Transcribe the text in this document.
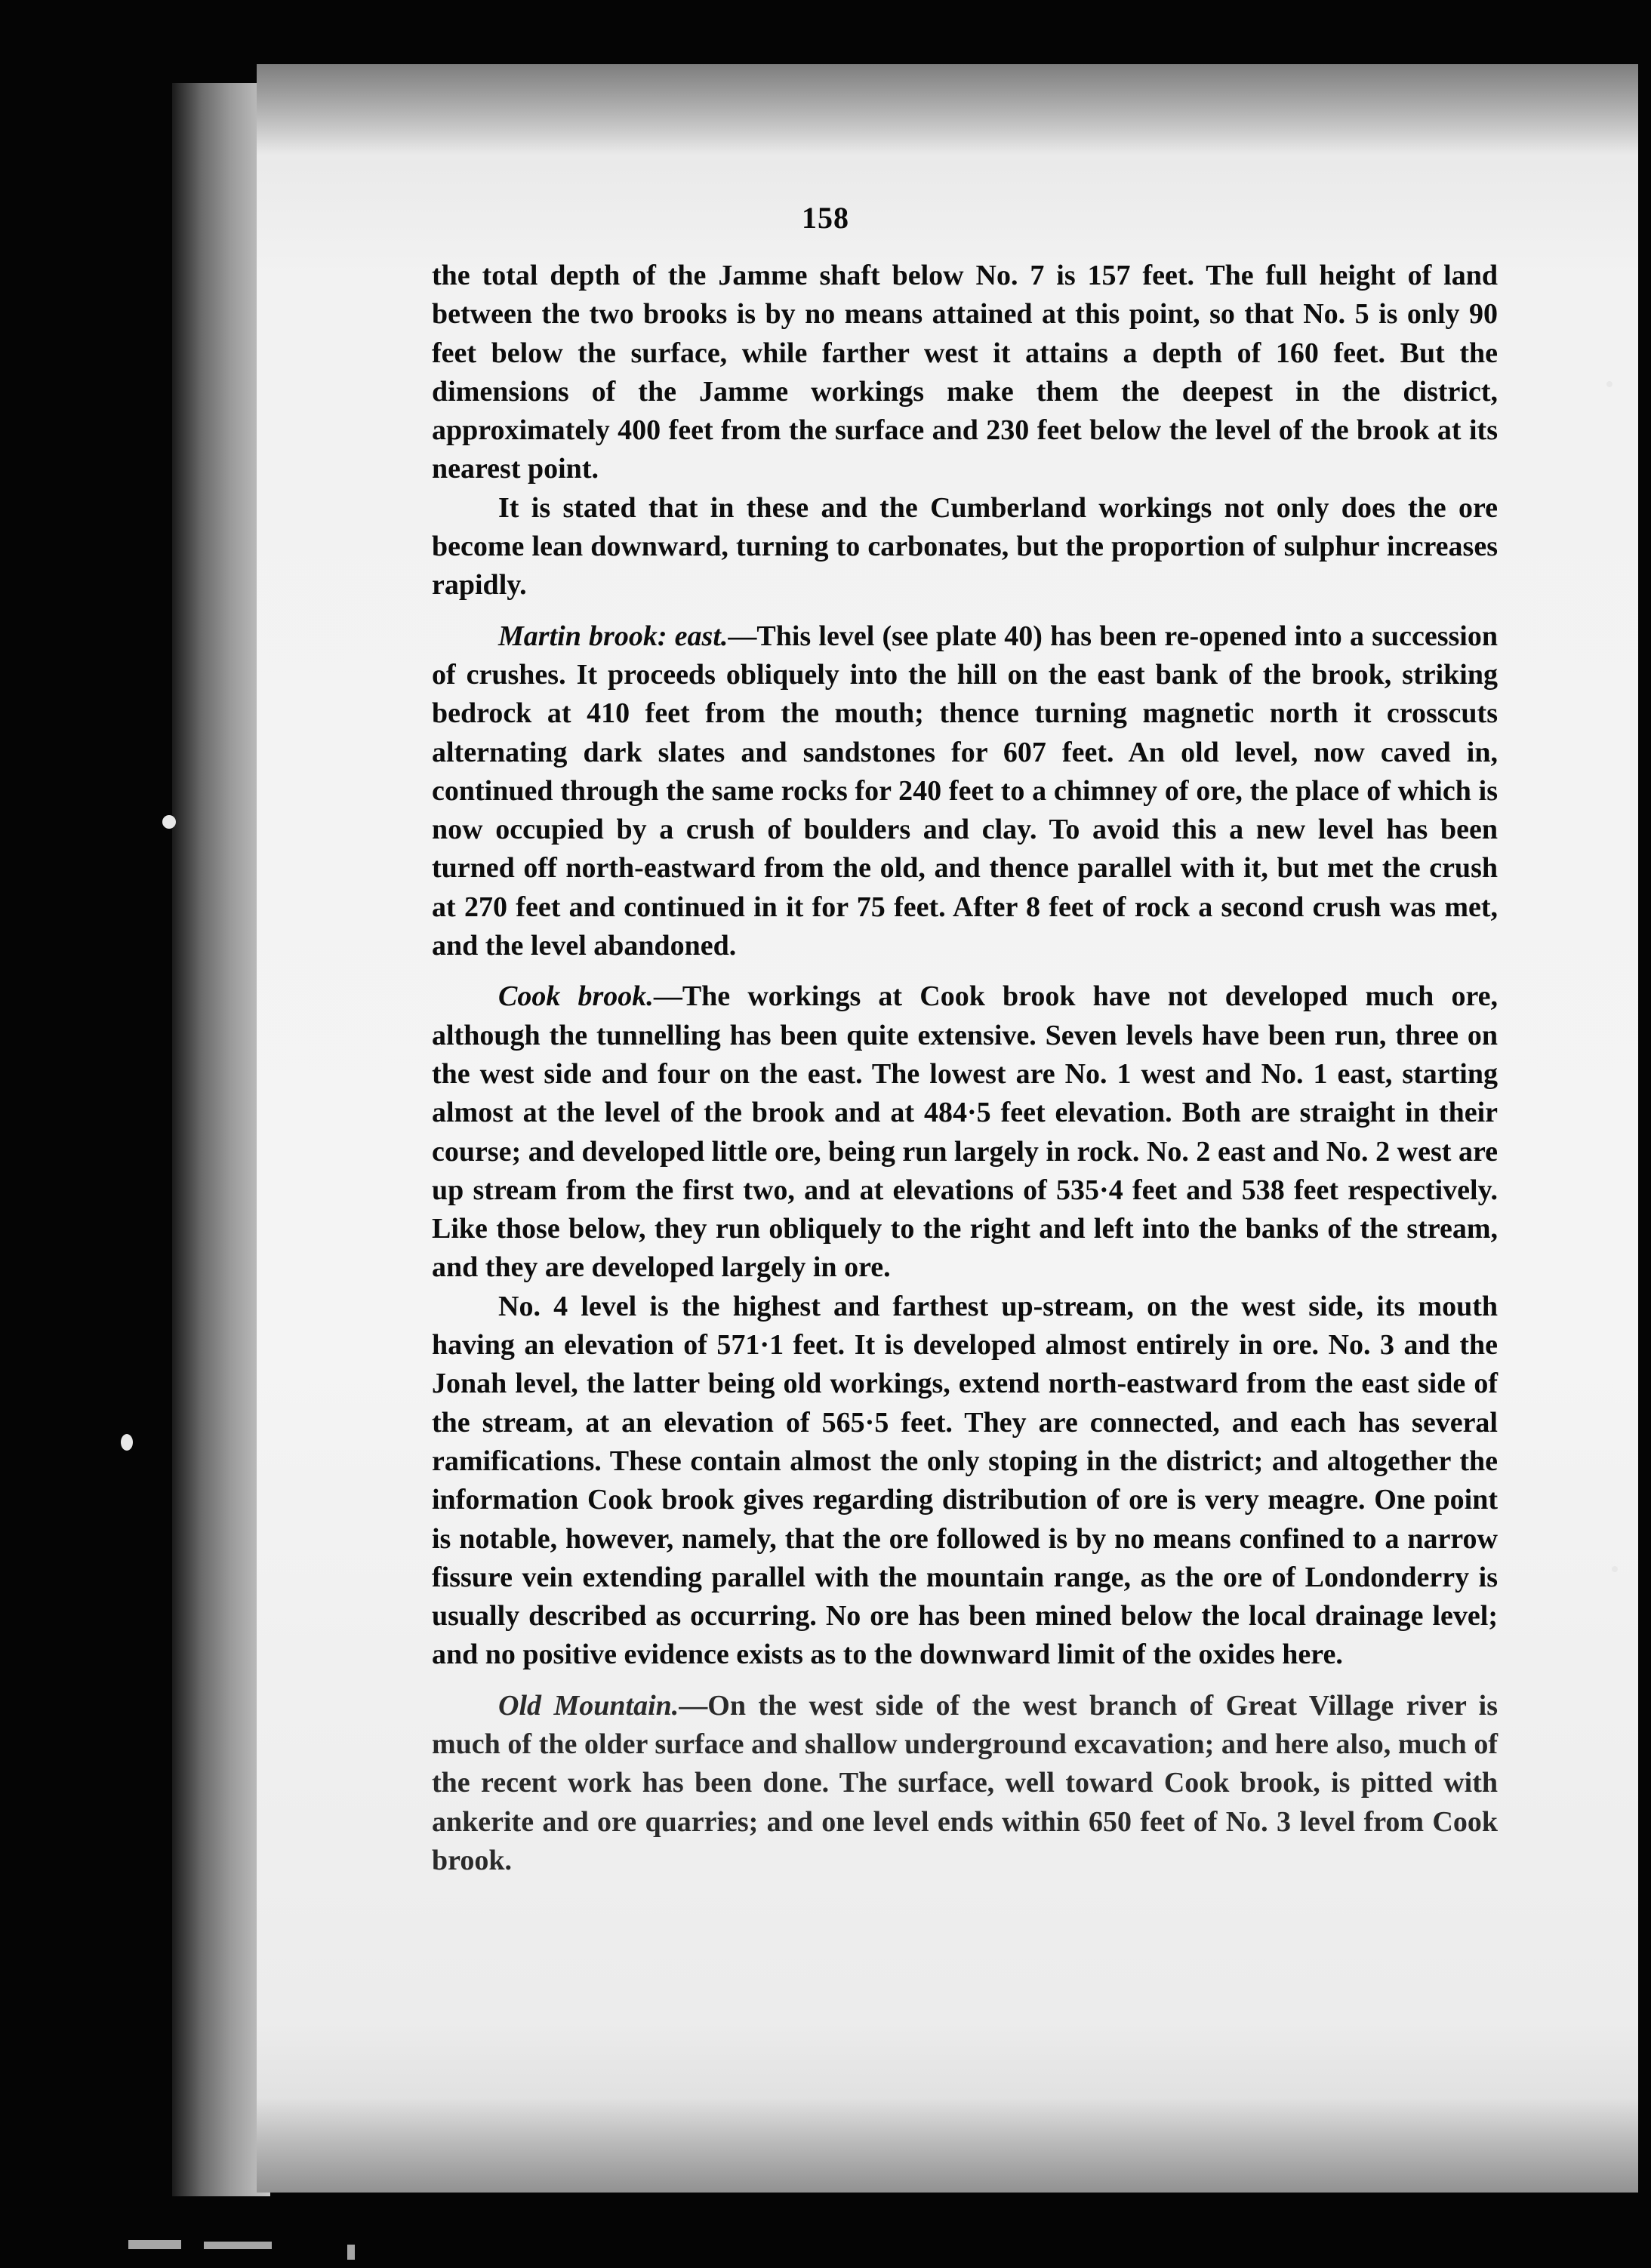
158

the total depth of the Jamme shaft below No. 7 is 157 feet. The full height of land between the two brooks is by no means attained at this point, so that No. 5 is only 90 feet below the surface, while farther west it attains a depth of 160 feet. But the dimensions of the Jamme workings make them the deepest in the district, approximately 400 feet from the surface and 230 feet below the level of the brook at its nearest point.

It is stated that in these and the Cumberland workings not only does the ore become lean downward, turning to carbonates, but the proportion of sulphur increases rapidly.

Martin brook: east.—This level (see plate 40) has been re-opened into a succession of crushes. It proceeds obliquely into the hill on the east bank of the brook, striking bedrock at 410 feet from the mouth; thence turning magnetic north it crosscuts alternating dark slates and sandstones for 607 feet. An old level, now caved in, continued through the same rocks for 240 feet to a chimney of ore, the place of which is now occupied by a crush of boulders and clay. To avoid this a new level has been turned off north-eastward from the old, and thence parallel with it, but met the crush at 270 feet and continued in it for 75 feet. After 8 feet of rock a second crush was met, and the level abandoned.

Cook brook.—The workings at Cook brook have not developed much ore, although the tunnelling has been quite extensive. Seven levels have been run, three on the west side and four on the east. The lowest are No. 1 west and No. 1 east, starting almost at the level of the brook and at 484·5 feet elevation. Both are straight in their course; and developed little ore, being run largely in rock. No. 2 east and No. 2 west are up stream from the first two, and at elevations of 535·4 feet and 538 feet respectively. Like those below, they run obliquely to the right and left into the banks of the stream, and they are developed largely in ore.

No. 4 level is the highest and farthest up-stream, on the west side, its mouth having an elevation of 571·1 feet. It is developed almost entirely in ore. No. 3 and the Jonah level, the latter being old workings, extend north-eastward from the east side of the stream, at an elevation of 565·5 feet. They are connected, and each has several ramifications. These contain almost the only stoping in the district; and altogether the information Cook brook gives regarding distribution of ore is very meagre. One point is notable, however, namely, that the ore followed is by no means confined to a narrow fissure vein extending parallel with the mountain range, as the ore of Londonderry is usually described as occurring. No ore has been mined below the local drainage level; and no positive evidence exists as to the downward limit of the oxides here.

Old Mountain.—On the west side of the west branch of Great Village river is much of the older surface and shallow underground excavation; and here also, much of the recent work has been done. The surface, well toward Cook brook, is pitted with ankerite and ore quarries; and one level ends within 650 feet of No. 3 level from Cook brook.
